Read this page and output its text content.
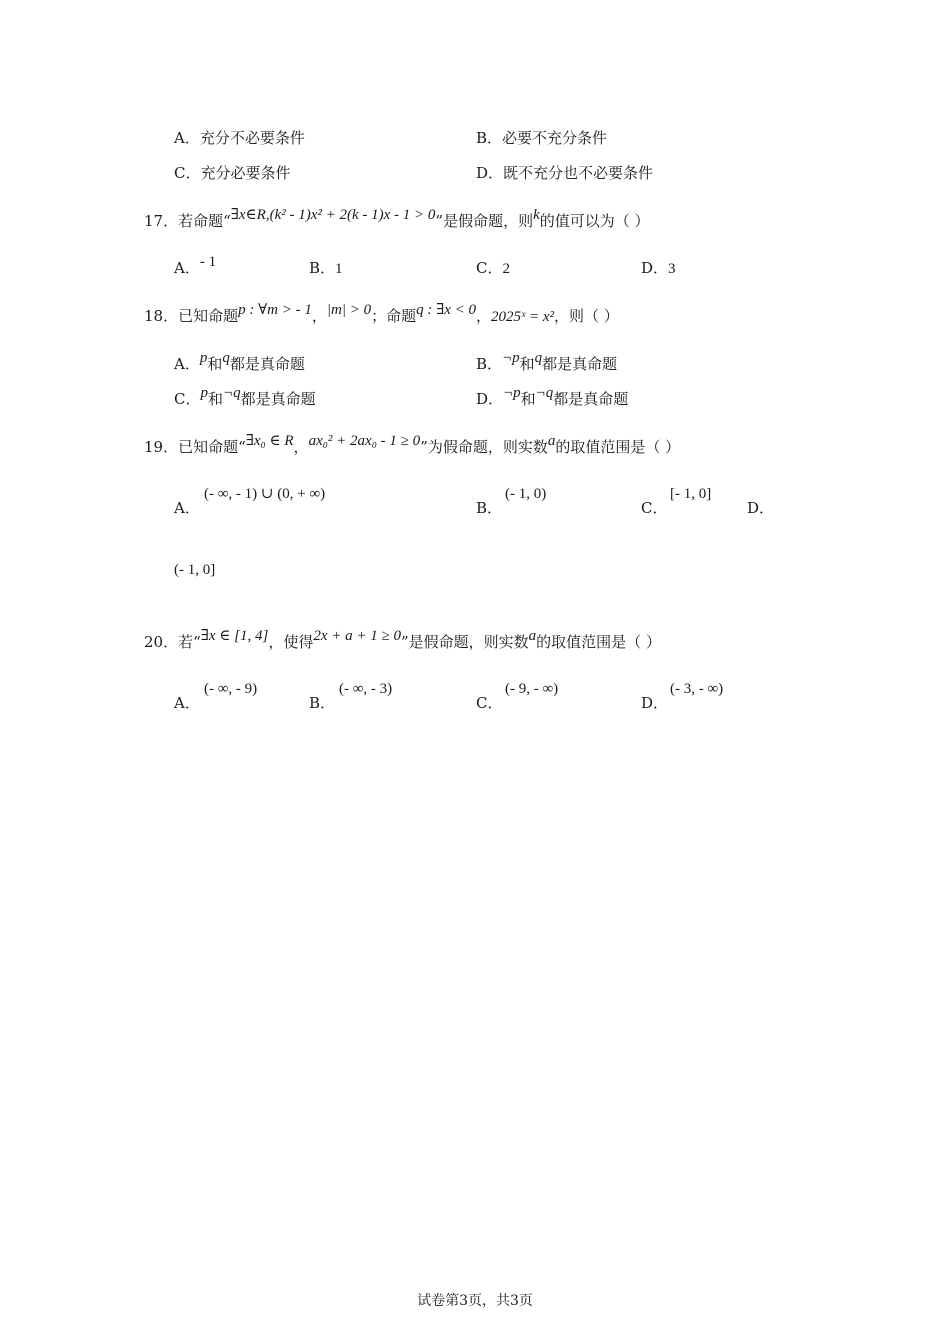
A．充分不必要条件	B．必要不充分条件
C．充分必要条件	D．既不充分也不必要条件
17．若命题“∃x∈R,(k² - 1)x² + 2(k - 1)x - 1 > 0”是假命题，则k的值可以为（ ）
A．- 1	B．1	C．2	D．3
18．已知命题p : ∀m > - 1，|m| > 0；命题q : ∃x < 0，2025ˣ = x²，则（ ）
A．p和q都是真命题	B．¬p和q都是真命题
C．p和¬q都是真命题	D．¬p和¬q都是真命题
19．已知命题“∃x₀ ∈ R，ax₀² + 2ax₀ - 1 ≥ 0”为假命题，则实数a的取值范围是（ ）
A．
(- ∞, - 1) ∪ (0, + ∞)
B．
(- 1, 0)
C．
[- 1, 0]
D．
(- 1, 0]
20．若“∃x ∈ [1, 4]，使得2x + a + 1 ≥ 0”是假命题，则实数a的取值范围是（ ）
A．
(- ∞, - 9)
B．
(- ∞, - 3)
C．
(- 9, - ∞)
D．
(- 3, - ∞)
试卷第3页，共3页
